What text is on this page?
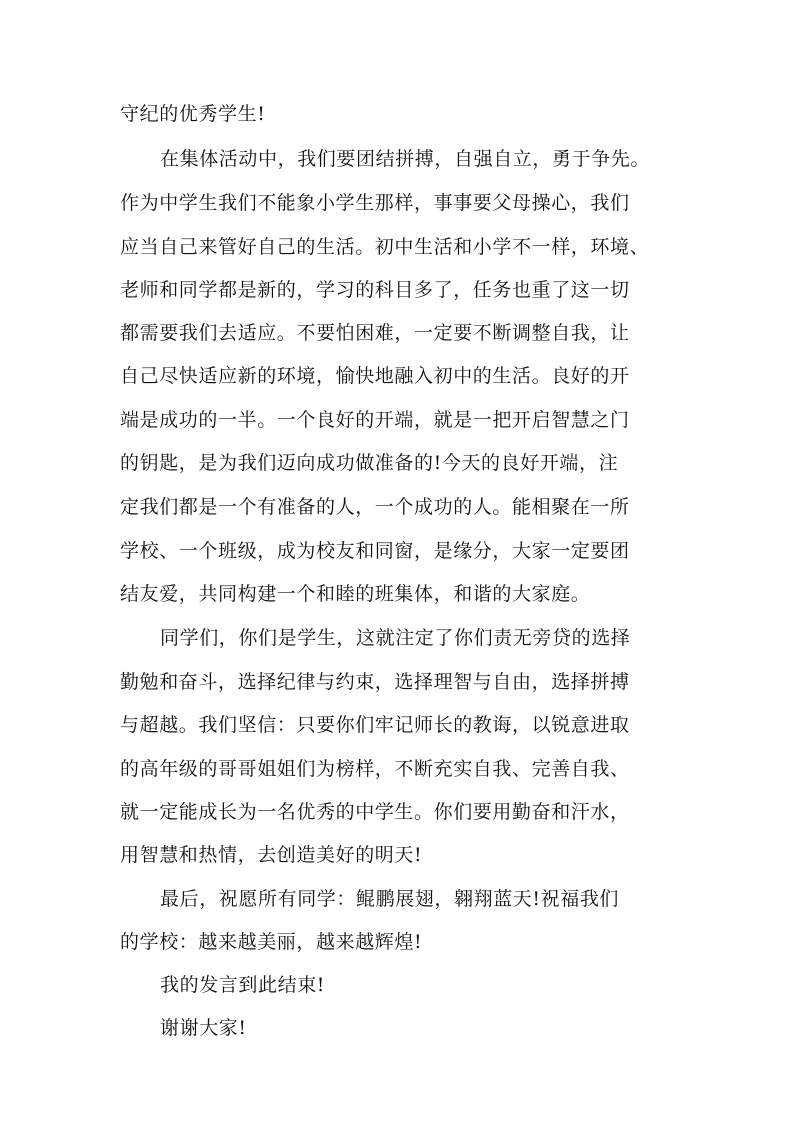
守纪的优秀学生!
在集体活动中，我们要团结拼搏，自强自立，勇于争先。
作为中学生我们不能象小学生那样，事事要父母操心，我们
应当自己来管好自己的生活。初中生活和小学不一样，环境、
老师和同学都是新的，学习的科目多了，任务也重了这一切
都需要我们去适应。不要怕困难，一定要不断调整自我，让
自己尽快适应新的环境，愉快地融入初中的生活。良好的开
端是成功的一半。一个良好的开端，就是一把开启智慧之门
的钥匙，是为我们迈向成功做准备的!今天的良好开端，注
定我们都是一个有准备的人，一个成功的人。能相聚在一所
学校、一个班级，成为校友和同窗，是缘分，大家一定要团
结友爱，共同构建一个和睦的班集体，和谐的大家庭。
同学们，你们是学生，这就注定了你们责无旁贷的选择
勤勉和奋斗，选择纪律与约束，选择理智与自由，选择拼搏
与超越。我们坚信：只要你们牢记师长的教诲，以锐意进取
的高年级的哥哥姐姐们为榜样，不断充实自我、完善自我、
就一定能成长为一名优秀的中学生。你们要用勤奋和汗水，
用智慧和热情，去创造美好的明天!
最后，祝愿所有同学：鲲鹏展翅，翱翔蓝天!祝福我们
的学校：越来越美丽，越来越辉煌!
我的发言到此结束!
谢谢大家!
